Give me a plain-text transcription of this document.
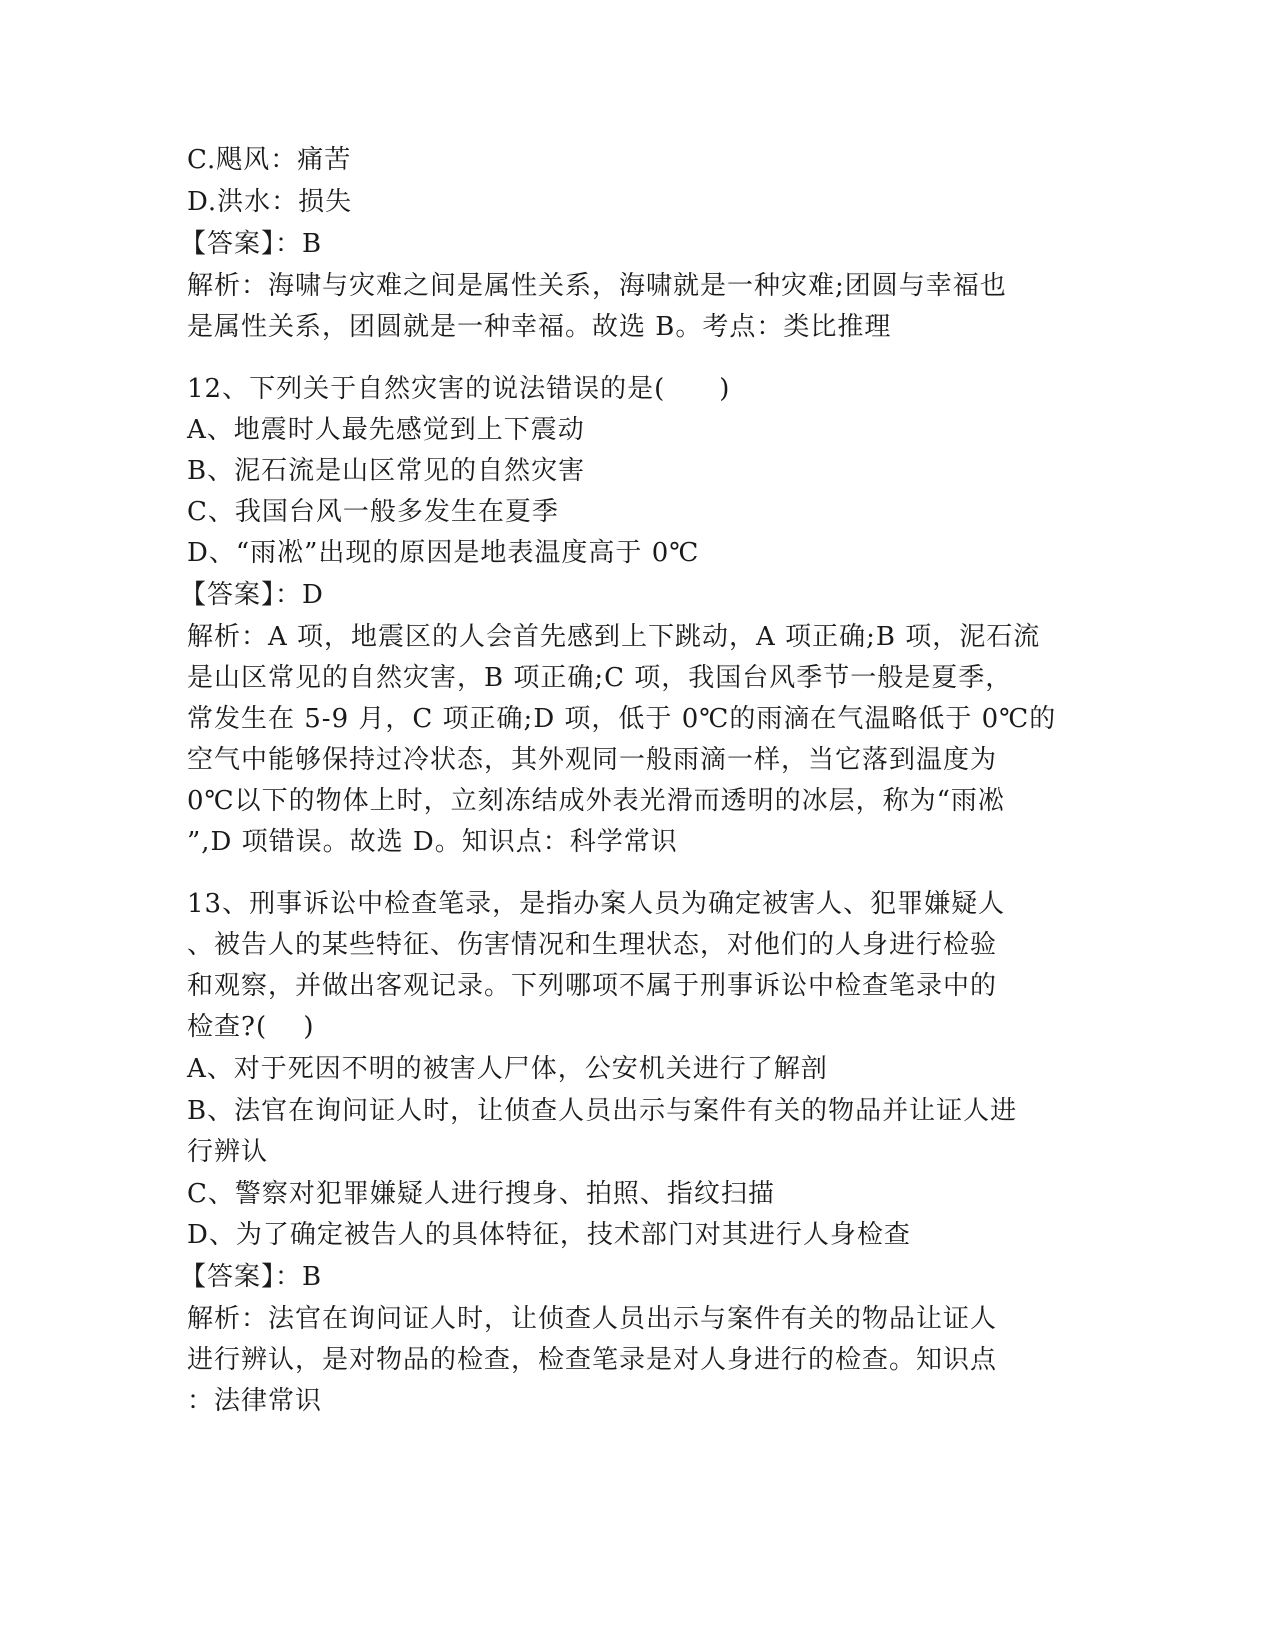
C.飓风：痛苦
D.洪水：损失
【答案】：B
解析：海啸与灾难之间是属性关系，海啸就是一种灾难;团圆与幸福也
是属性关系，团圆就是一种幸福。故选 B。考点：类比推理
12、下列关于自然灾害的说法错误的是(　　)
A、地震时人最先感觉到上下震动
B、泥石流是山区常见的自然灾害
C、我国台风一般多发生在夏季
D、“雨凇”出现的原因是地表温度高于 0℃
【答案】：D
解析：A 项，地震区的人会首先感到上下跳动，A 项正确;B 项，泥石流
是山区常见的自然灾害，B 项正确;C 项，我国台风季节一般是夏季，
常发生在 5-9 月，C 项正确;D 项，低于 0℃的雨滴在气温略低于 0℃的
空气中能够保持过冷状态，其外观同一般雨滴一样，当它落到温度为
0℃以下的物体上时，立刻冻结成外表光滑而透明的冰层，称为“雨凇
”,D 项错误。故选 D。知识点：科学常识
13、刑事诉讼中检查笔录，是指办案人员为确定被害人、犯罪嫌疑人
、被告人的某些特征、伤害情况和生理状态，对他们的人身进行检验
和观察，并做出客观记录。下列哪项不属于刑事诉讼中检查笔录中的
检查?(　 )
A、对于死因不明的被害人尸体，公安机关进行了解剖
B、法官在询问证人时，让侦查人员出示与案件有关的物品并让证人进
行辨认
C、警察对犯罪嫌疑人进行搜身、拍照、指纹扫描
D、为了确定被告人的具体特征，技术部门对其进行人身检查
【答案】：B
解析：法官在询问证人时，让侦查人员出示与案件有关的物品让证人
进行辨认，是对物品的检查，检查笔录是对人身进行的检查。知识点
：法律常识
